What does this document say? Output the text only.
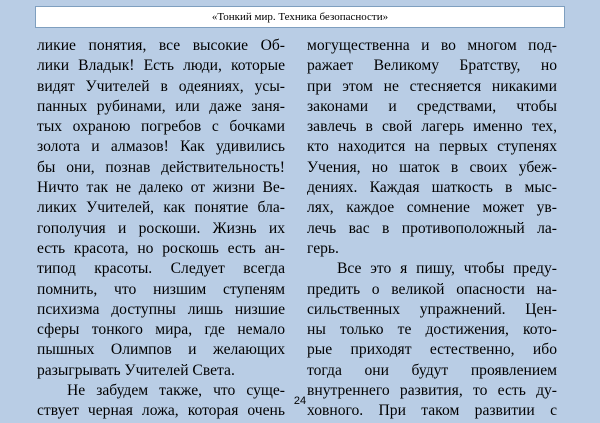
«Тонкий мир. Техника безопасности»
ликие понятия, все высокие Об-
лики Владык! Есть люди, которые
видят Учителей в одеяниях, усы-
панных рубинами, или даже заня-
тых охраною погребов с бочками
золота и алмазов! Как удивились
бы они, познав действительность!
Ничто так не далеко от жизни Ве-
ликих Учителей, как понятие бла-
гополучия и роскоши. Жизнь их
есть красота, но роскошь есть ан-
типод красоты. Следует всегда
помнить, что низшим ступеням
психизма доступны лишь низшие
сферы тонкого мира, где немало
пышных Олимпов и желающих
разыгрывать Учителей Света.
Не забудем также, что суще-
ствует черная ложа, которая очень
могущественна и во многом под-
ражает Великому Братству, но
при этом не стесняется никакими
законами и средствами, чтобы
завлечь в свой лагерь именно тех,
кто находится на первых ступенях
Учения, но шаток в своих убеж-
дениях. Каждая шаткость в мыс-
лях, каждое сомнение может ув-
лечь вас в противоположный ла-
герь.
Все это я пишу, чтобы преду-
предить о великой опасности на-
сильственных упражнений. Цен-
ны только те достижения, кото-
рые приходят естественно, ибо
тогда они будут проявлением
внутреннего развития, то есть ду-
ховного. При таком развитии с
24
